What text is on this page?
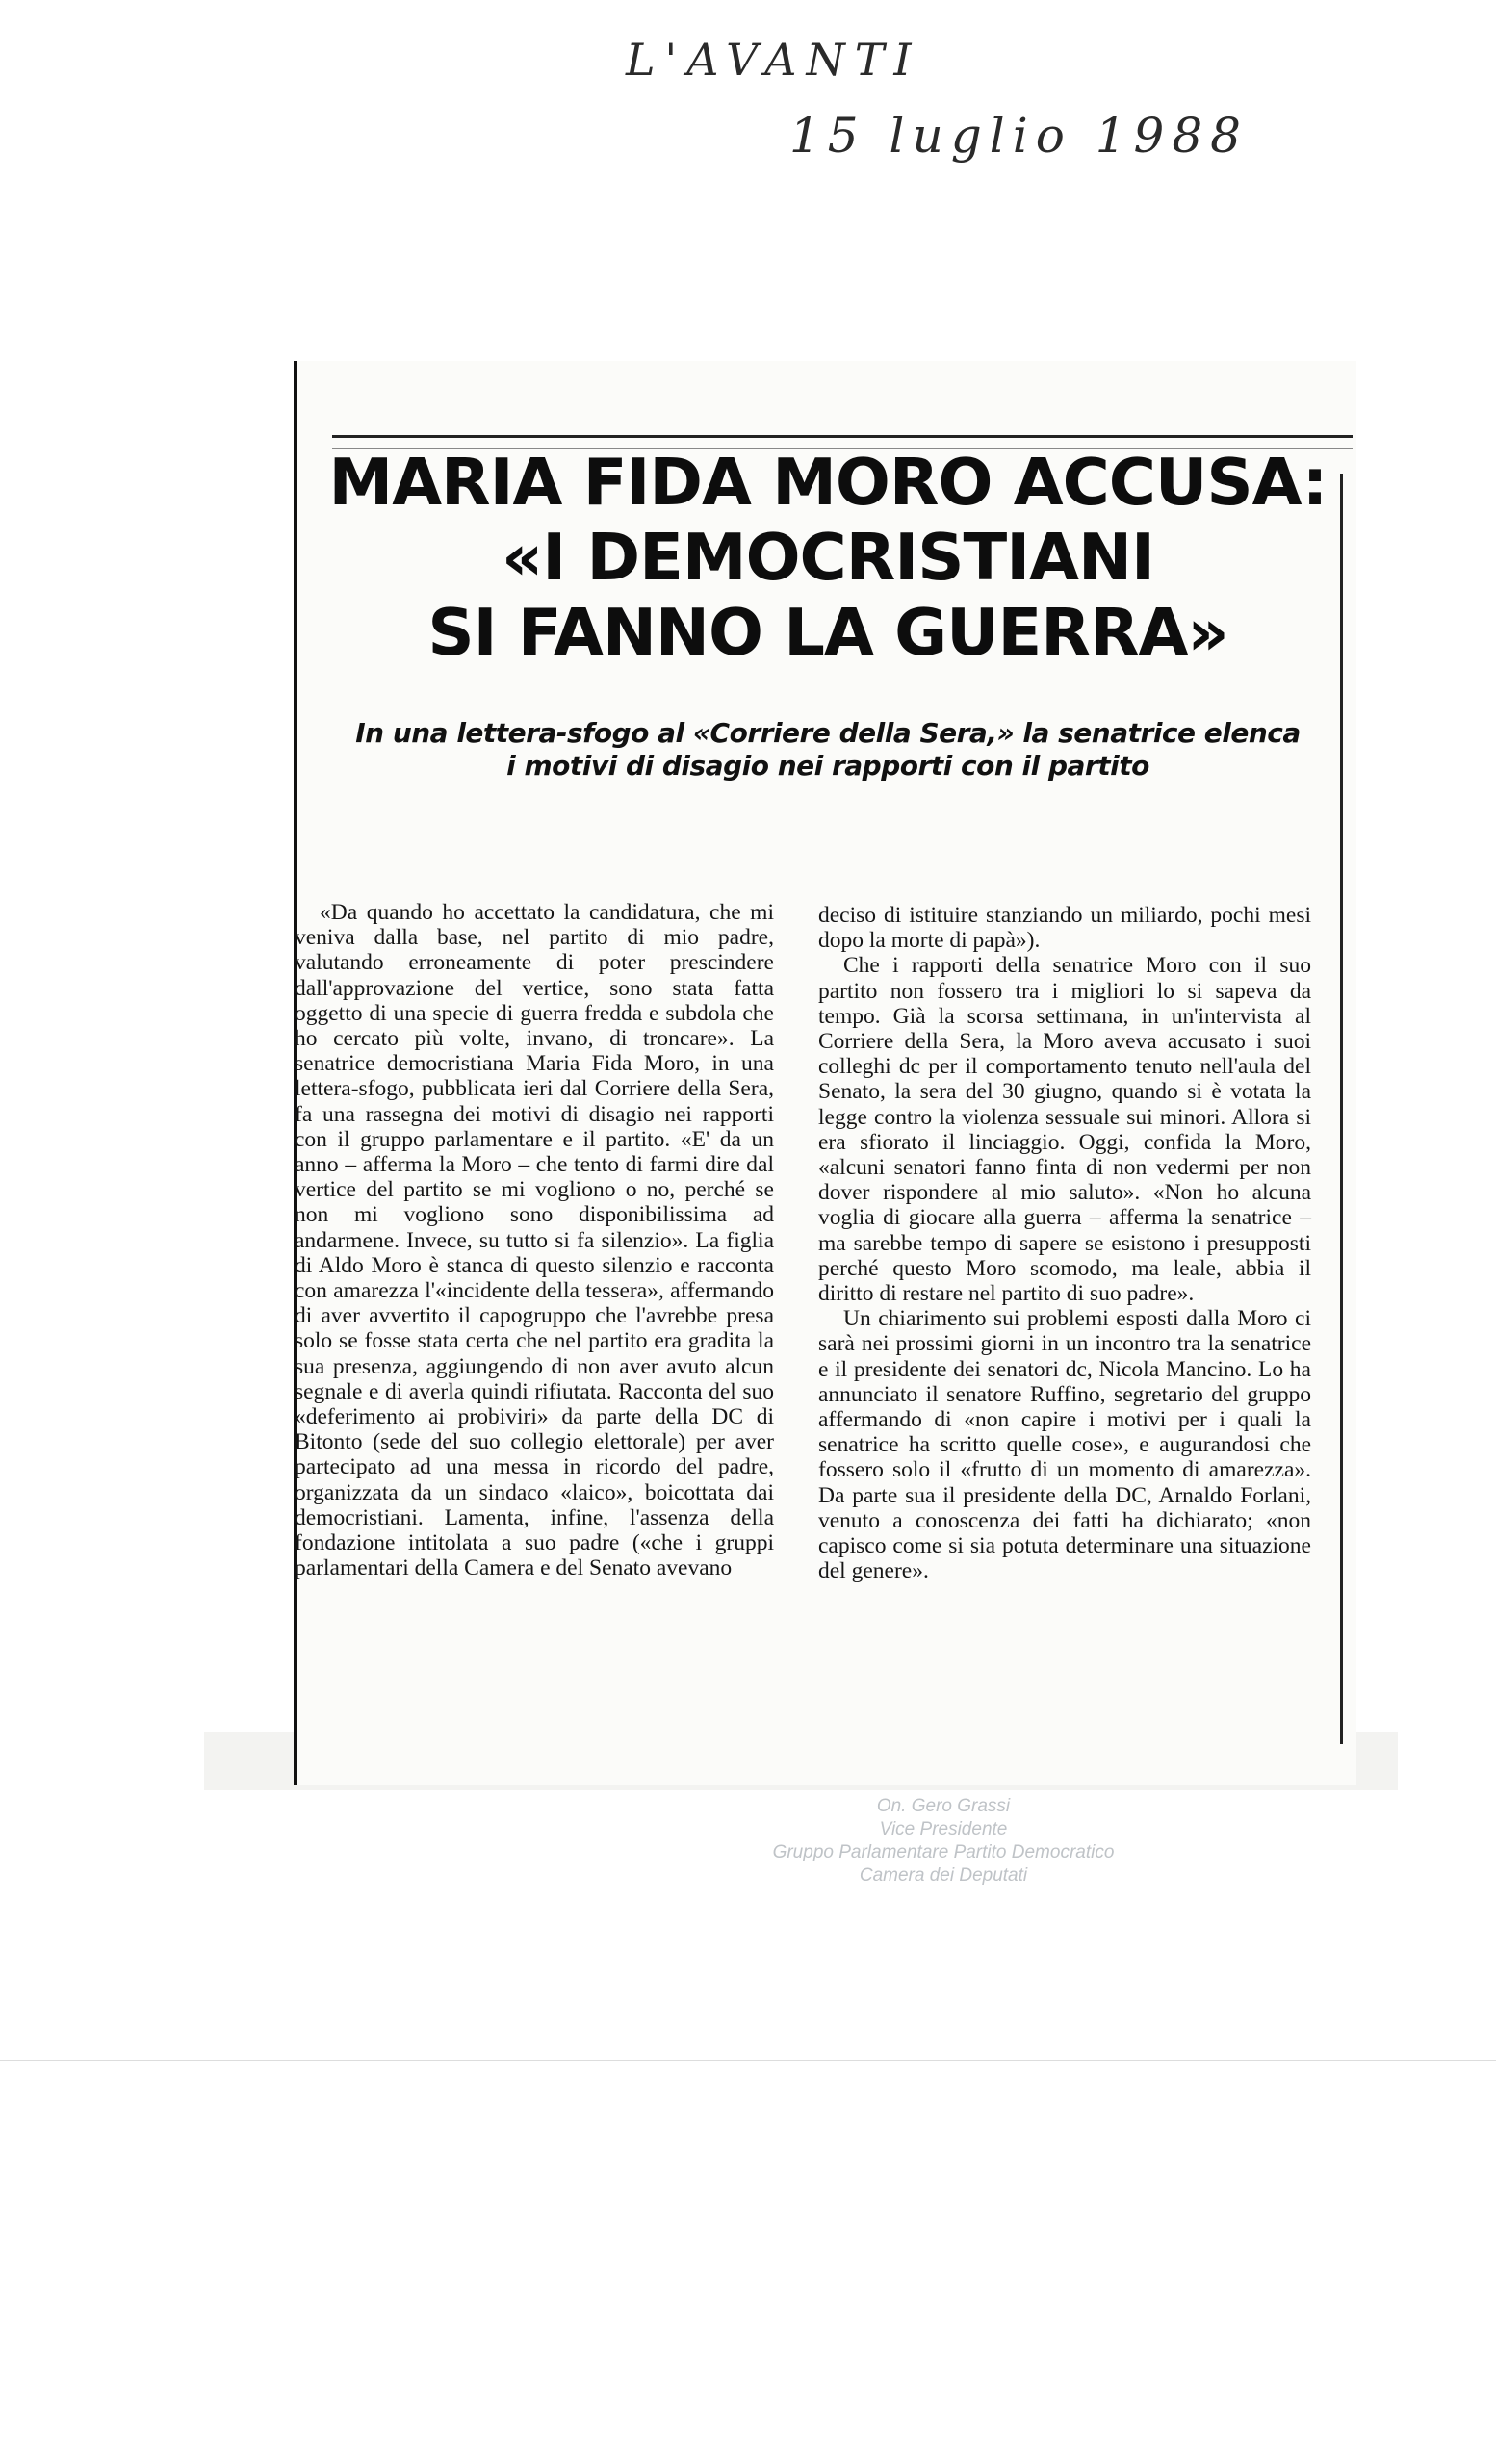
L'AVANTI
15 luglio 1988
MARIA FIDA MORO ACCUSA:
«I DEMOCRISTIANI
SI FANNO LA GUERRA»
In una lettera-sfogo al «Corriere della Sera,» la senatrice elenca
i motivi di disagio nei rapporti con il partito

«Da quando ho accettato la candidatura, che mi veniva dalla base, nel partito di mio padre, valutando erroneamente di poter prescindere dall'approvazione del vertice, sono stata fatta oggetto di una specie di guerra fredda e subdola che ho cercato più volte, invano, di troncare». La senatrice democristiana Maria Fida Moro, in una lettera-sfogo, pubblicata ieri dal Corriere della Sera, fa una rassegna dei motivi di disagio nei rapporti con il gruppo parlamentare e il partito. «E' da un anno – afferma la Moro – che tento di farmi dire dal vertice del partito se mi vogliono o no, perché se non mi vogliono sono disponibilissima ad andarmene. Invece, su tutto si fa silenzio». La figlia di Aldo Moro è stanca di questo silenzio e racconta con amarezza l'«incidente della tessera», affermando di aver avvertito il capogruppo che l'avrebbe presa solo se fosse stata certa che nel partito era gradita la sua presenza, aggiungendo di non aver avuto alcun segnale e di averla quindi rifiutata. Racconta del suo «deferimento ai probiviri» da parte della DC di Bitonto (sede del suo collegio elettorale) per aver partecipato ad una messa in ricordo del padre, organizzata da un sindaco «laico», boicottata dai democristiani. Lamenta, infine, l'assenza della fondazione intitolata a suo padre («che i gruppi parlamentari della Camera e del Senato avevano

deciso di istituire stanziando un miliardo, pochi mesi dopo la morte di papà»).

Che i rapporti della senatrice Moro con il suo partito non fossero tra i migliori lo si sapeva da tempo. Già la scorsa settimana, in un'intervista al Corriere della Sera, la Moro aveva accusato i suoi colleghi dc per il comportamento tenuto nell'aula del Senato, la sera del 30 giugno, quando si è votata la legge contro la violenza sessuale sui minori. Allora si era sfiorato il linciaggio. Oggi, confida la Moro, «alcuni senatori fanno finta di non vedermi per non dover rispondere al mio saluto». «Non ho alcuna voglia di giocare alla guerra – afferma la senatrice – ma sarebbe tempo di sapere se esistono i presupposti perché questo Moro scomodo, ma leale, abbia il diritto di restare nel partito di suo padre».

Un chiarimento sui problemi esposti dalla Moro ci sarà nei prossimi giorni in un incontro tra la senatrice e il presidente dei senatori dc, Nicola Mancino. Lo ha annunciato il senatore Ruffino, segretario del gruppo affermando di «non capire i motivi per i quali la senatrice ha scritto quelle cose», e augurandosi che fossero solo il «frutto di un momento di amarezza». Da parte sua il presidente della DC, Arnaldo Forlani, venuto a conoscenza dei fatti ha dichiarato; «non capisco come si sia potuta determinare una situazione del genere».

On. Gero Grassi
Vice Presidente
Gruppo Parlamentare Partito Democratico
Camera dei Deputati
